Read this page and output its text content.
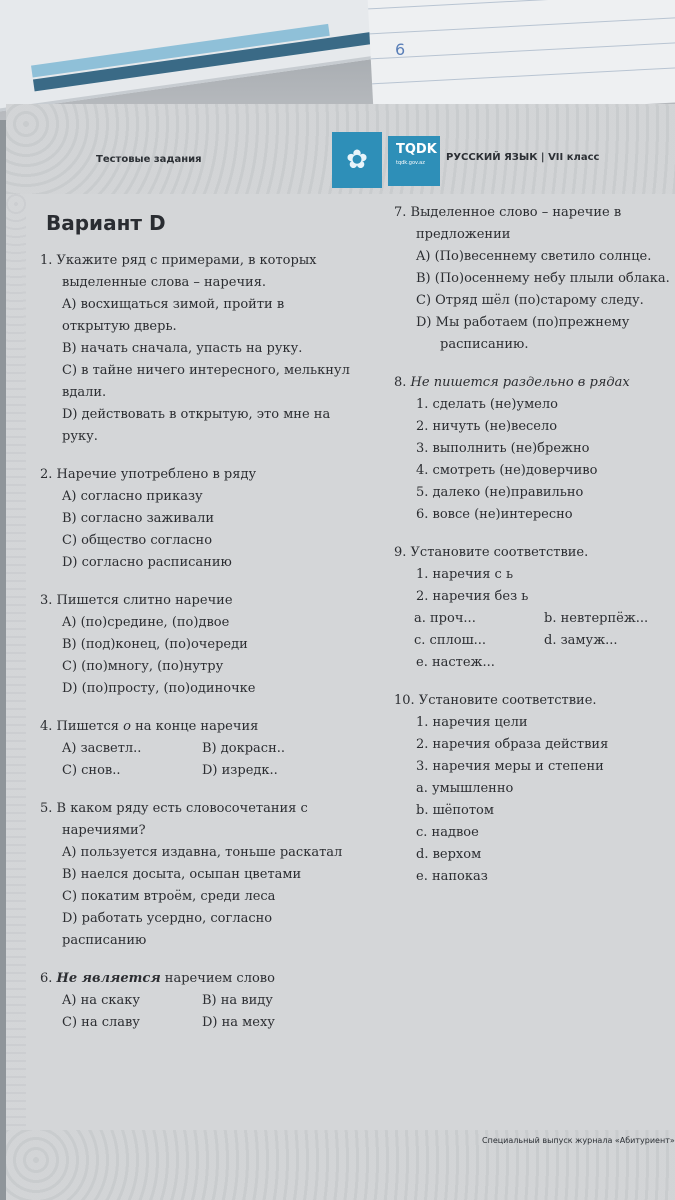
6
Тестовые задания	✿ TQDK
tqdk.gov.az РУССКИЙ ЯЗЫК | VII класс
Вариант D
1. Укажите ряд с примерами, в которых
выделенные слова – наречия.
A) восхищаться зимой, пройти в
открытую дверь.
B) начать сначала, упасть на руку.
C) в тайне ничего интересного, мелькнул
вдали.
D) действовать в открытую, это мне на
руку.
2. Наречие употреблено в ряду
A) согласно приказу
B) согласно заживали
C) общество согласно
D) согласно расписанию
3. Пишется слитно наречие
A) (по)средине, (по)двое
B) (под)конец, (по)очереди
C) (по)многу, (по)нутру
D) (по)просту, (по)одиночке
4. Пишется о на конце наречия
A) засветл..	B) докрасн..
C) снов..	D) изредк..
5. В каком ряду есть словосочетания с
наречиями?
A) пользуется издавна, тоньше раскатал
B) наелся досыта, осыпан цветами
C) покатим втроём, среди леса
D) работать усердно, согласно
расписанию
6. Не является наречием слово
A) на скаку	B) на виду
C) на славу	D) на меху
7. Выделенное слово – наречие в
предложении
A) (По)весеннему светило солнце.
B) (По)осеннему небу плыли облака.
C) Отряд шёл (по)старому следу.
D) Мы работаем (по)прежнему
расписанию.
8. Не пишется раздельно в рядах
1. сделать (не)умело
2. ничуть (не)весело
3. выполнить (не)брежно
4. смотреть (не)доверчиво
5. далеко (не)правильно
6. вовсе (не)интересно
9. Установите соответствие.
1. наречия с ь
2. наречия без ь
a. проч...	b. невтерпёж...
c. сплош...	d. замуж...
e. настеж...
10. Установите соответствие.
1. наречия цели
2. наречия образа действия
3. наречия меры и степени
a. умышленно
b. шёпотом
c. надвое
d. верхом
e. напоказ
Специальный выпуск журнала «Абитуриент»
